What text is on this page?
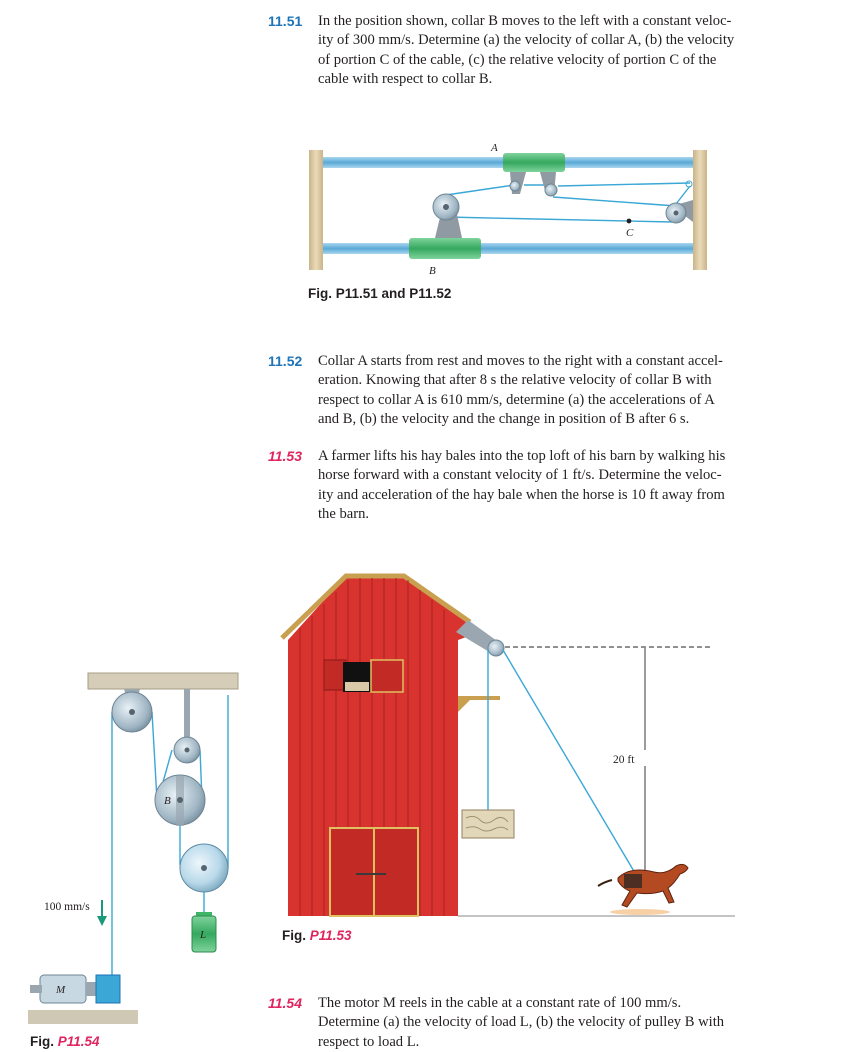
11.51 In the position shown, collar B moves to the left with a constant veloc-
ity of 300 mm/s. Determine (a) the velocity of collar A, (b) the velocity
of portion C of the cable, (c) the relative velocity of portion C of the
cable with respect to collar B.
11.52 Collar A starts from rest and moves to the right with a constant accel-
eration. Knowing that after 8 s the relative velocity of collar B with
respect to collar A is 610 mm/s, determine (a) the accelerations of A
and B, (b) the velocity and the change in position of B after 6 s.
11.53 A farmer lifts his hay bales into the top loft of his barn by walking his
horse forward with a constant velocity of 1 ft/s. Determine the veloc-
ity and acceleration of the hay bale when the horse is 10 ft away from
the barn.
11.54 The motor M reels in the cable at a constant rate of 100 mm/s.
Determine (a) the velocity of load L, (b) the velocity of pulley B with
respect to load L.
Fig. P11.51 and P11.52
Fig. P11.53
Fig. P11.54
A
B
C
20 ft
B
L
100 mm/s
M
